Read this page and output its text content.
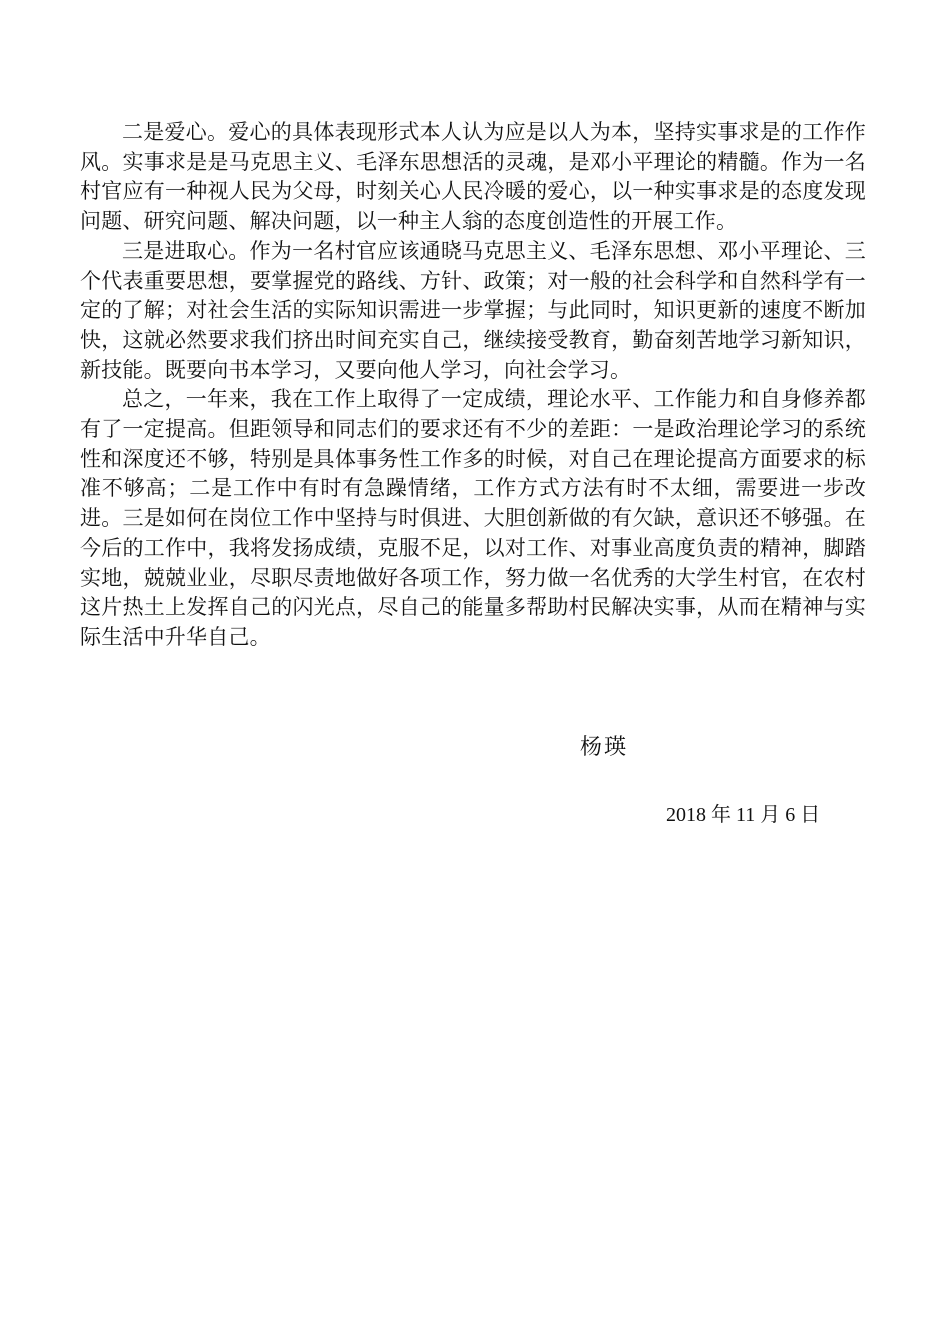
二是爱心。爱心的具体表现形式本人认为应是以人为本，坚持实事求是的工作作风。实事求是是马克思主义、毛泽东思想活的灵魂，是邓小平理论的精髓。作为一名村官应有一种视人民为父母，时刻关心人民冷暖的爱心，以一种实事求是的态度发现问题、研究问题、解决问题，以一种主人翁的态度创造性的开展工作。

三是进取心。作为一名村官应该通晓马克思主义、毛泽东思想、邓小平理论、三个代表重要思想，要掌握党的路线、方针、政策；对一般的社会科学和自然科学有一定的了解；对社会生活的实际知识需进一步掌握；与此同时，知识更新的速度不断加快，这就必然要求我们挤出时间充实自己，继续接受教育，勤奋刻苦地学习新知识，新技能。既要向书本学习，又要向他人学习，向社会学习。

总之，一年来，我在工作上取得了一定成绩，理论水平、工作能力和自身修养都有了一定提高。但距领导和同志们的要求还有不少的差距：一是政治理论学习的系统性和深度还不够，特别是具体事务性工作多的时候，对自己在理论提高方面要求的标准不够高；二是工作中有时有急躁情绪，工作方式方法有时不太细，需要进一步改进。三是如何在岗位工作中坚持与时俱进、大胆创新做的有欠缺，意识还不够强。在今后的工作中，我将发扬成绩，克服不足，以对工作、对事业高度负责的精神，脚踏实地，兢兢业业，尽职尽责地做好各项工作，努力做一名优秀的大学生村官，在农村这片热土上发挥自己的闪光点，尽自己的能量多帮助村民解决实事，从而在精神与实际生活中升华自己。

杨瑛
2018 年 11 月 6 日
